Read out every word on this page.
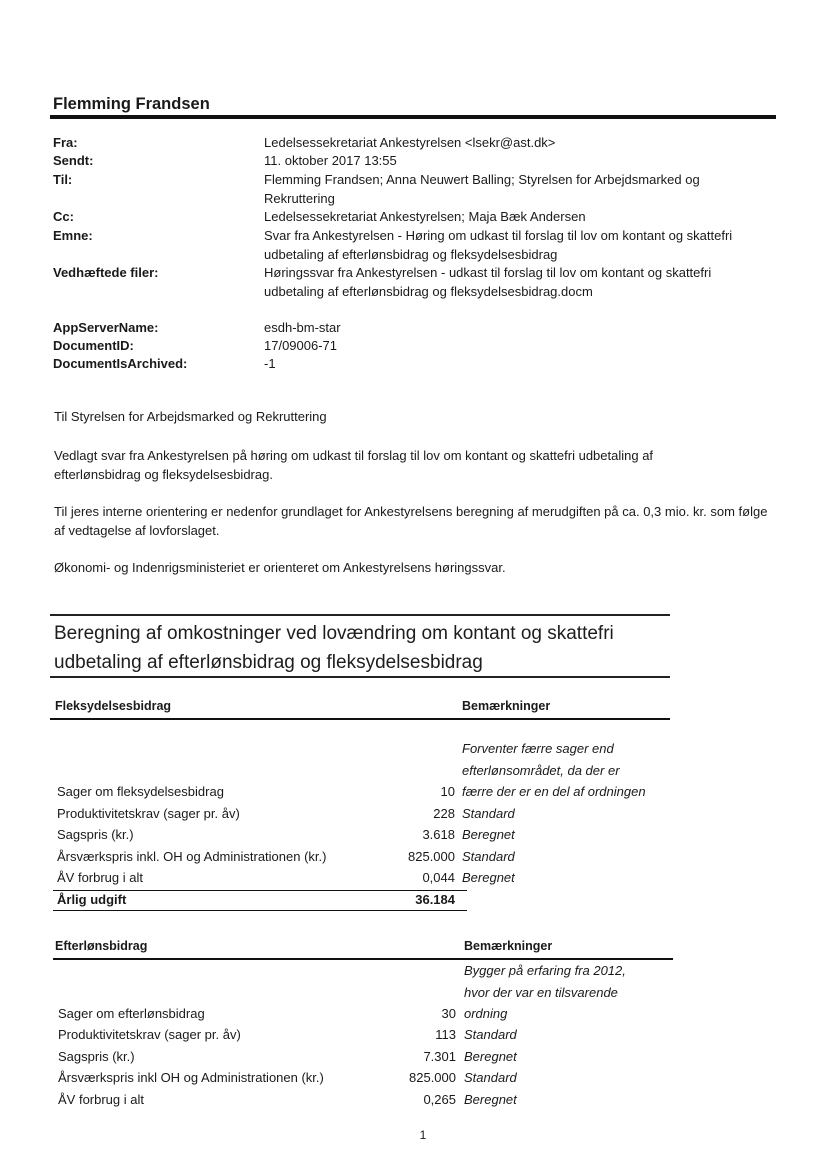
Flemming Frandsen
Fra:	Ledelsessekretariat Ankestyrelsen <lsekr@ast.dk>
Sendt:	11. oktober 2017 13:55
Til:	Flemming Frandsen; Anna Neuwert Balling; Styrelsen for Arbejdsmarked og Rekruttering
Cc:	Ledelsessekretariat Ankestyrelsen; Maja Bæk Andersen
Emne:	Svar fra Ankestyrelsen - Høring om udkast til forslag til lov om kontant og skattefri udbetaling af efterlønsbidrag og fleksydelsesbidrag
Vedhæftede filer:	Høringssvar fra Ankestyrelsen - udkast til forslag til lov om kontant og skattefri udbetaling af efterlønsbidrag og fleksydelsesbidrag.docm
AppServerName:	esdh-bm-star
DocumentID:	17/09006-71
DocumentIsArchived:	-1
Til Styrelsen for Arbejdsmarked og Rekruttering
Vedlagt svar fra Ankestyrelsen på høring om udkast til forslag til lov om kontant og skattefri udbetaling af efterlønsbidrag og fleksydelsesbidrag.
Til jeres interne orientering er nedenfor grundlaget for Ankestyrelsens beregning af merudgiften på ca. 0,3 mio. kr. som følge af vedtagelse af lovforslaget.
Økonomi- og Indenrigsministeriet er orienteret om Ankestyrelsens høringssvar.
Beregning af omkostninger ved lovændring om kontant og skattefri udbetaling af efterlønsbidrag og fleksydelsesbidrag
Fleksydelsesbidrag	Bemærkninger
Forventer færre sager end
efterlønsområdet, da der er
Sager om fleksydelsesbidrag	10 færre der er en del af ordningen
Produktivitetskrav (sager pr. åv)	228 Standard
Sagspris (kr.)	3.618 Beregnet
Årsværkspris inkl. OH og Administrationen (kr.)	825.000 Standard
ÅV forbrug i alt	0,044 Beregnet
Årlig udgift	36.184
Efterlønsbidrag	Bemærkninger
Bygger på erfaring fra 2012,
hvor der var en tilsvarende
Sager om efterlønsbidrag	30 ordning
Produktivitetskrav (sager pr. åv)	113 Standard
Sagspris (kr.)	7.301 Beregnet
Årsværkspris inkl OH og Administrationen (kr.)	825.000 Standard
ÅV forbrug i alt	0,265 Beregnet
1
